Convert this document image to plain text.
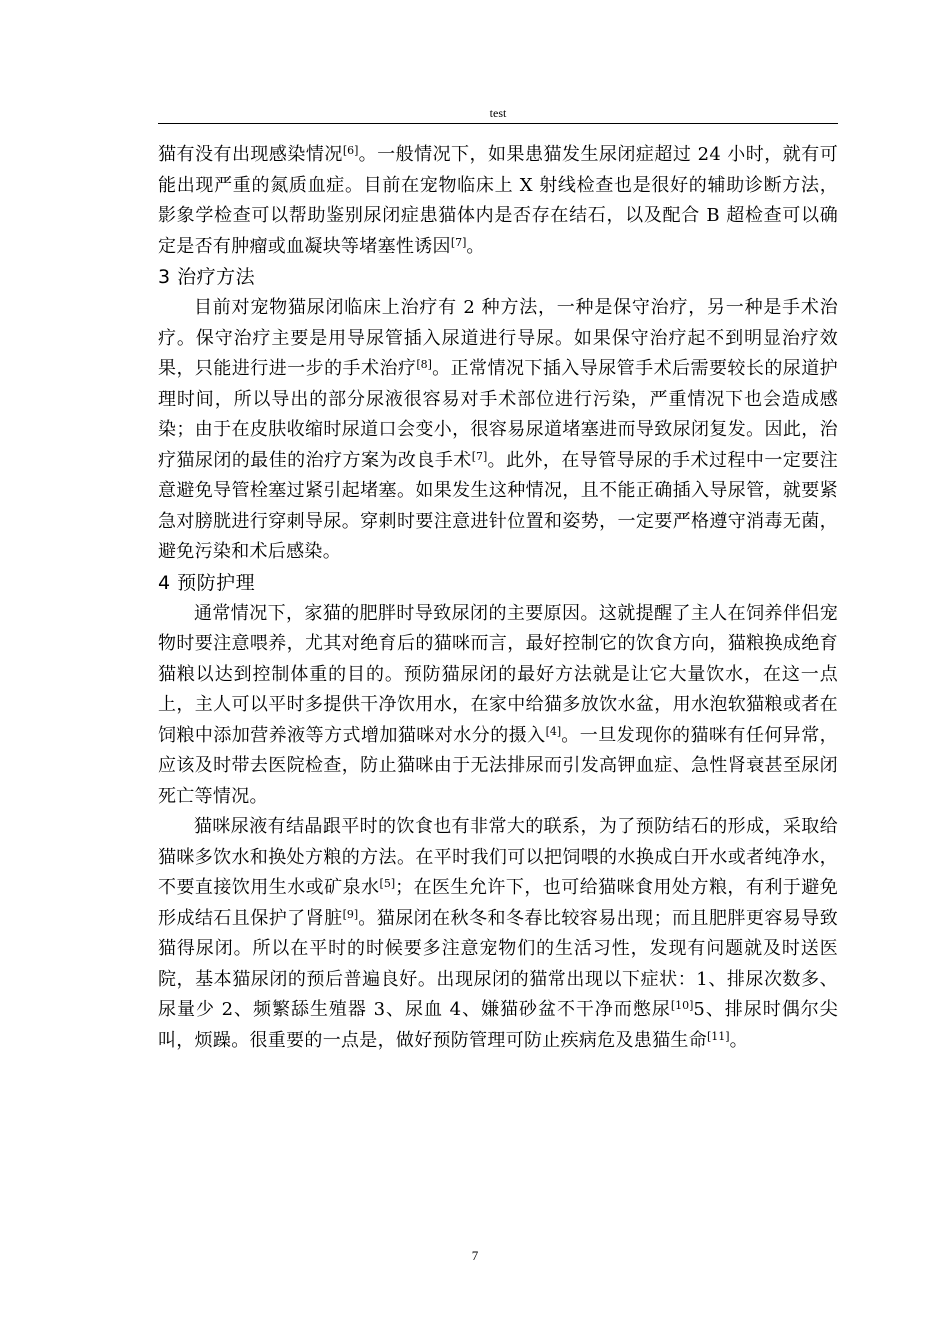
test

猫有没有出现感染情况[6]。一般情况下，如果患猫发生尿闭症超过 24 小时，就有可能出现严重的氮质血症。目前在宠物临床上 X 射线检查也是很好的辅助诊断方法，影象学检查可以帮助鉴别尿闭症患猫体内是否存在结石，以及配合 B 超检查可以确定是否有肿瘤或血凝块等堵塞性诱因[7]。

3 治疗方法

目前对宠物猫尿闭临床上治疗有 2 种方法，一种是保守治疗，另一种是手术治疗。保守治疗主要是用导尿管插入尿道进行导尿。如果保守治疗起不到明显治疗效果，只能进行进一步的手术治疗[8]。正常情况下插入导尿管手术后需要较长的尿道护理时间，所以导出的部分尿液很容易对手术部位进行污染，严重情况下也会造成感染；由于在皮肤收缩时尿道口会变小，很容易尿道堵塞进而导致尿闭复发。因此，治疗猫尿闭的最佳的治疗方案为改良手术[7]。此外，在导管导尿的手术过程中一定要注意避免导管栓塞过紧引起堵塞。如果发生这种情况，且不能正确插入导尿管，就要紧急对膀胱进行穿刺导尿。穿刺时要注意进针位置和姿势，一定要严格遵守消毒无菌，避免污染和术后感染。

4 预防护理

通常情况下，家猫的肥胖时导致尿闭的主要原因。这就提醒了主人在饲养伴侣宠物时要注意喂养，尤其对绝育后的猫咪而言，最好控制它的饮食方向，猫粮换成绝育猫粮以达到控制体重的目的。预防猫尿闭的最好方法就是让它大量饮水，在这一点上，主人可以平时多提供干净饮用水，在家中给猫多放饮水盆，用水泡软猫粮或者在饲粮中添加营养液等方式增加猫咪对水分的摄入[4]。一旦发现你的猫咪有任何异常，应该及时带去医院检查，防止猫咪由于无法排尿而引发高钾血症、急性肾衰甚至尿闭死亡等情况。

猫咪尿液有结晶跟平时的饮食也有非常大的联系，为了预防结石的形成，采取给猫咪多饮水和换处方粮的方法。在平时我们可以把饲喂的水换成白开水或者纯净水，不要直接饮用生水或矿泉水[5]；在医生允许下，也可给猫咪食用处方粮，有利于避免形成结石且保护了肾脏[9]。猫尿闭在秋冬和冬春比较容易出现；而且肥胖更容易导致猫得尿闭。所以在平时的时候要多注意宠物们的生活习性，发现有问题就及时送医院，基本猫尿闭的预后普遍良好。出现尿闭的猫常出现以下症状：1、排尿次数多、尿量少 2、频繁舔生殖器 3、尿血 4、嫌猫砂盆不干净而憋尿[10]5、排尿时偶尔尖叫，烦躁。很重要的一点是，做好预防管理可防止疾病危及患猫生命[11]。

7
